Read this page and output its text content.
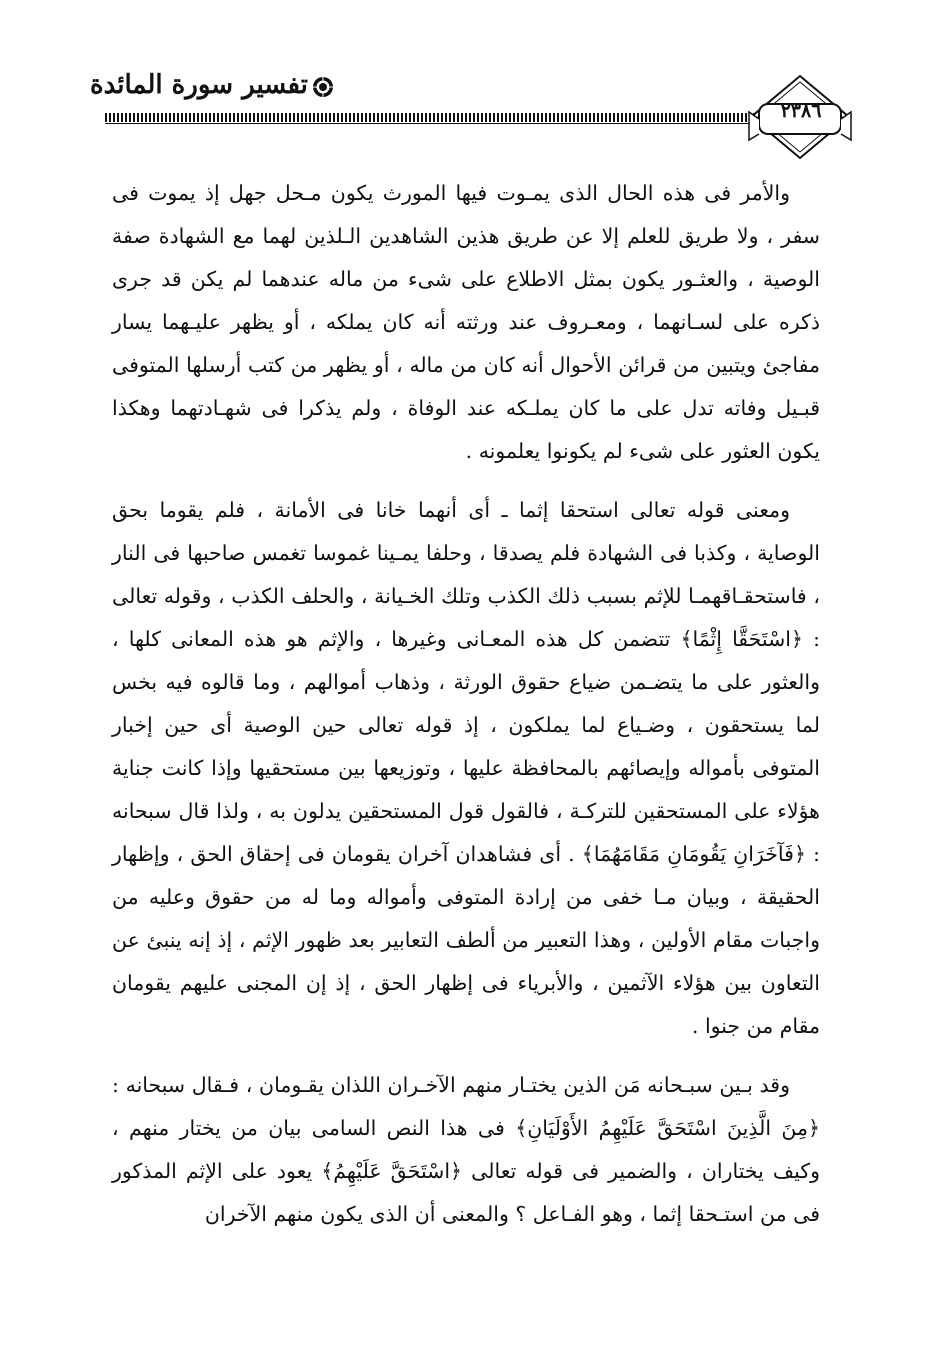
تفسير سورة المائدة
٢٣٨٦

والأمر فى هذه الحال الذى يمـوت فيها المورث يكون مـحل جهل إذ يموت فى سفر ، ولا طريق للعلم إلا عن طريق هذين الشاهدين الـلذين لهما مع الشهادة صفة الوصية ، والعثـور يكون بمثل الاطلاع على شىء من ماله عندهما لم يكن قد جرى ذكره على لسـانهما ، ومعـروف عند ورثته أنه كان يملكه ، أو يظهر عليـهما يسار مفاجئ ويتبين من قرائن الأحوال أنه كان من ماله ، أو يظهر من كتب أرسلها المتوفى قبـيل وفاته تدل على ما كان يملـكه عند الوفاة ، ولم يذكرا فى شهـادتهما وهكذا يكون العثور على شىء لم يكونوا يعلمونه .

ومعنى قوله تعالى استحقا إثما ـ أى أنهما خانا فى الأمانة ، فلم يقوما بحق الوصاية ، وكذبا فى الشهادة فلم يصدقا ، وحلفا يمـينا غموسا تغمس صاحبها فى النار ، فاستحقـاقهمـا للإثم بسبب ذلك الكذب وتلك الخـيانة ، والحلف الكذب ، وقوله تعالى : ﴿اسْتَحَقَّا إِثْمًا﴾ تتضمن كل هذه المعـانى وغيرها ، والإثم هو هذه المعانى كلها ، والعثور على ما يتضـمن ضياع حقوق الورثة ، وذهاب أموالهم ، وما قالوه فيه بخس لما يستحقون ، وضـياع لما يملكون ، إذ قوله تعالى حين الوصية أى حين إخبار المتوفى بأمواله وإيصائهم بالمحافظة عليها ، وتوزيعها بين مستحقيها وإذا كانت جناية هؤلاء على المستحقين للتركـة ، فالقول قول المستحقين يدلون به ، ولذا قال سبحانه : ﴿فَآخَرَانِ يَقُومَانِ مَقَامَهُمَا﴾ . أى فشاهدان آخران يقومان فى إحقاق الحق ، وإظهار الحقيقة ، وبيان مـا خفى من إرادة المتوفى وأمواله وما له من حقوق وعليه من واجبات مقام الأولين ، وهذا التعبير من ألطف التعابير بعد ظهور الإثم ، إذ إنه ينبئ عن التعاون بين هؤلاء الآثمين ، والأبرياء فى إظهار الحق ، إذ إن المجنى عليهم يقومان مقام من جنوا .

وقد بـين سبـحانه مَن الذين يختـار منهم الآخـران اللذان يقـومان ، فـقال سبحانه : ﴿مِنَ الَّذِينَ اسْتَحَقَّ عَلَيْهِمُ الأَوْلَيَانِ﴾ فى هذا النص السامى بيان من يختار منهم ، وكيف يختاران ، والضمير فى قوله تعالى ﴿اسْتَحَقَّ عَلَيْهِمُ﴾ يعود على الإثم المذكور فى من استـحقا إثما ، وهو الفـاعل ؟ والمعنى أن الذى يكون منهم الآخران
